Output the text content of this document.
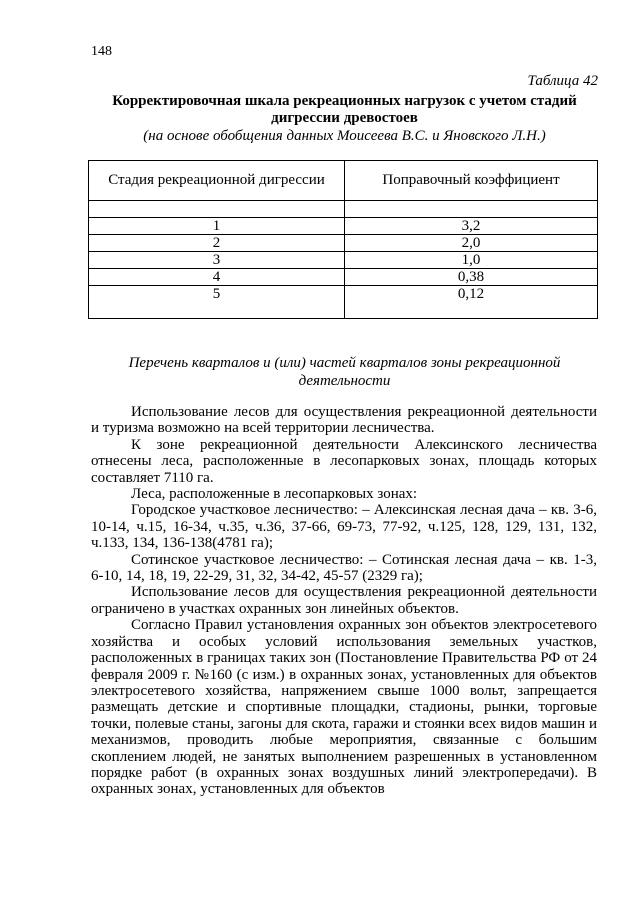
148
Таблица 42
Корректировочная шкала рекреационных нагрузок с учетом стадий дигрессии древостоев
(на основе обобщения данных Моисеева В.С. и Яновского Л.Н.)
Стадия рекреационной дигрессии	Поправочный коэффициент

1	3,2
2	2,0
3	1,0
4	0,38
5	0,12
Перечень кварталов и (или) частей кварталов зоны рекреационной деятельности

Использование лесов для осуществления рекреационной деятельности и туризма возможно на всей территории лесничества.

К зоне рекреационной деятельности Алексинского лесничества отнесены леса, расположенные в лесопарковых зонах, площадь которых составляет 7110 га.

Леса, расположенные в лесопарковых зонах:

Городское участковое лесничество: – Алексинская лесная дача – кв. 3-6, 10-14, ч.15, 16-34, ч.35, ч.36, 37-66, 69-73, 77-92, ч.125, 128, 129, 131, 132, ч.133, 134, 136-138(4781 га);

Сотинское участковое лесничество: – Сотинская лесная дача – кв. 1-3, 6-10, 14, 18, 19, 22-29, 31, 32, 34-42, 45-57 (2329 га);

Использование лесов для осуществления рекреационной деятельности ограничено в участках охранных зон линейных объектов.

Согласно Правил установления охранных зон объектов электросетевого хозяйства и особых условий использования земельных участков, расположенных в границах таких зон (Постановление Правительства РФ от 24 февраля 2009 г. №160 (с изм.) в охранных зонах, установленных для объектов электросетевого хозяйства, напряжением свыше 1000 вольт, запрещается размещать детские и спортивные площадки, стадионы, рынки, торговые точки, полевые станы, загоны для скота, гаражи и стоянки всех видов машин и механизмов, проводить любые мероприятия, связанные с большим скоплением людей, не занятых выполнением разрешенных в установленном порядке работ (в охранных зонах воздушных линий электропередачи). В охранных зонах, установленных для объектов
